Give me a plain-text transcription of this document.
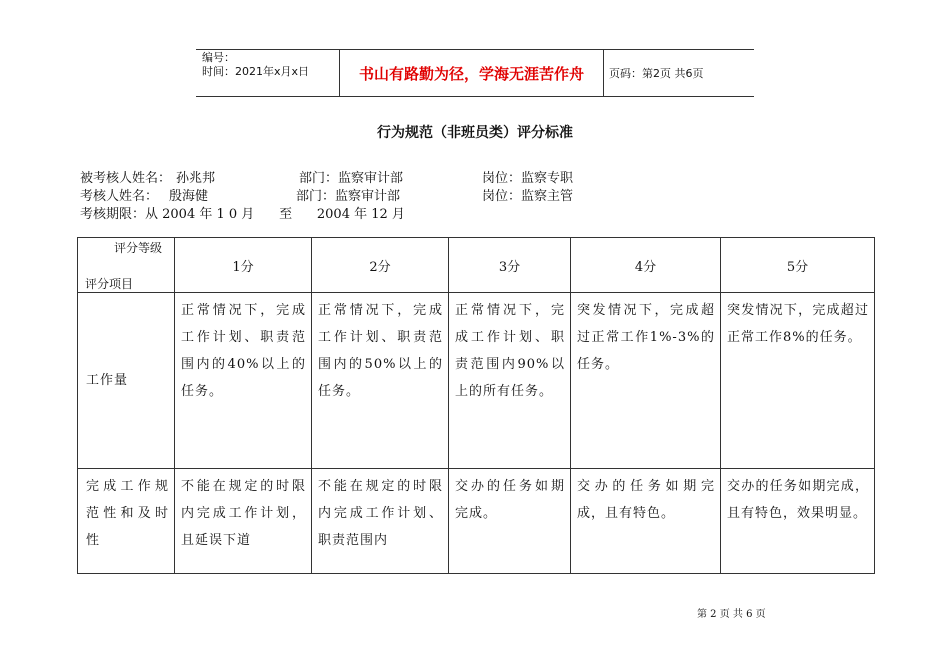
编号：
时间：2021年x月x日	书山有路勤为径，学海无涯苦作舟	页码：第2页 共6页
行为规范（非班员类）评分标准
被考核人姓名： 孙兆邦	部门：监察审计部	岗位：监察专职
考核人姓名： 殷海健	部门：监察审计部	岗位：监察主管
考核期限：从 2004 年 1 0 月      至      2004 年 12 月
评分等级
评分项目	1分	2分	3分	4分	5分
工作量	正常情况下，完成工作计划、职责范围内的40%以上的任务。	正常情况下，完成工作计划、职责范围内的50%以上的任务。	正常情况下，完成工作计划、职责范围内90%以上的所有任务。	突发情况下，完成超过正常工作1%-3%的任务。	突发情况下，完成超过正常工作8%的任务。
完成工作规范性和及时性	不能在规定的时限内完成工作计划，且延误下道	不能在规定的时限内完成工作计划、职责范围内	交办的任务如期完成。	交办的任务如期完成，且有特色。	交办的任务如期完成，且有特色，效果明显。
第 2 页 共 6 页
